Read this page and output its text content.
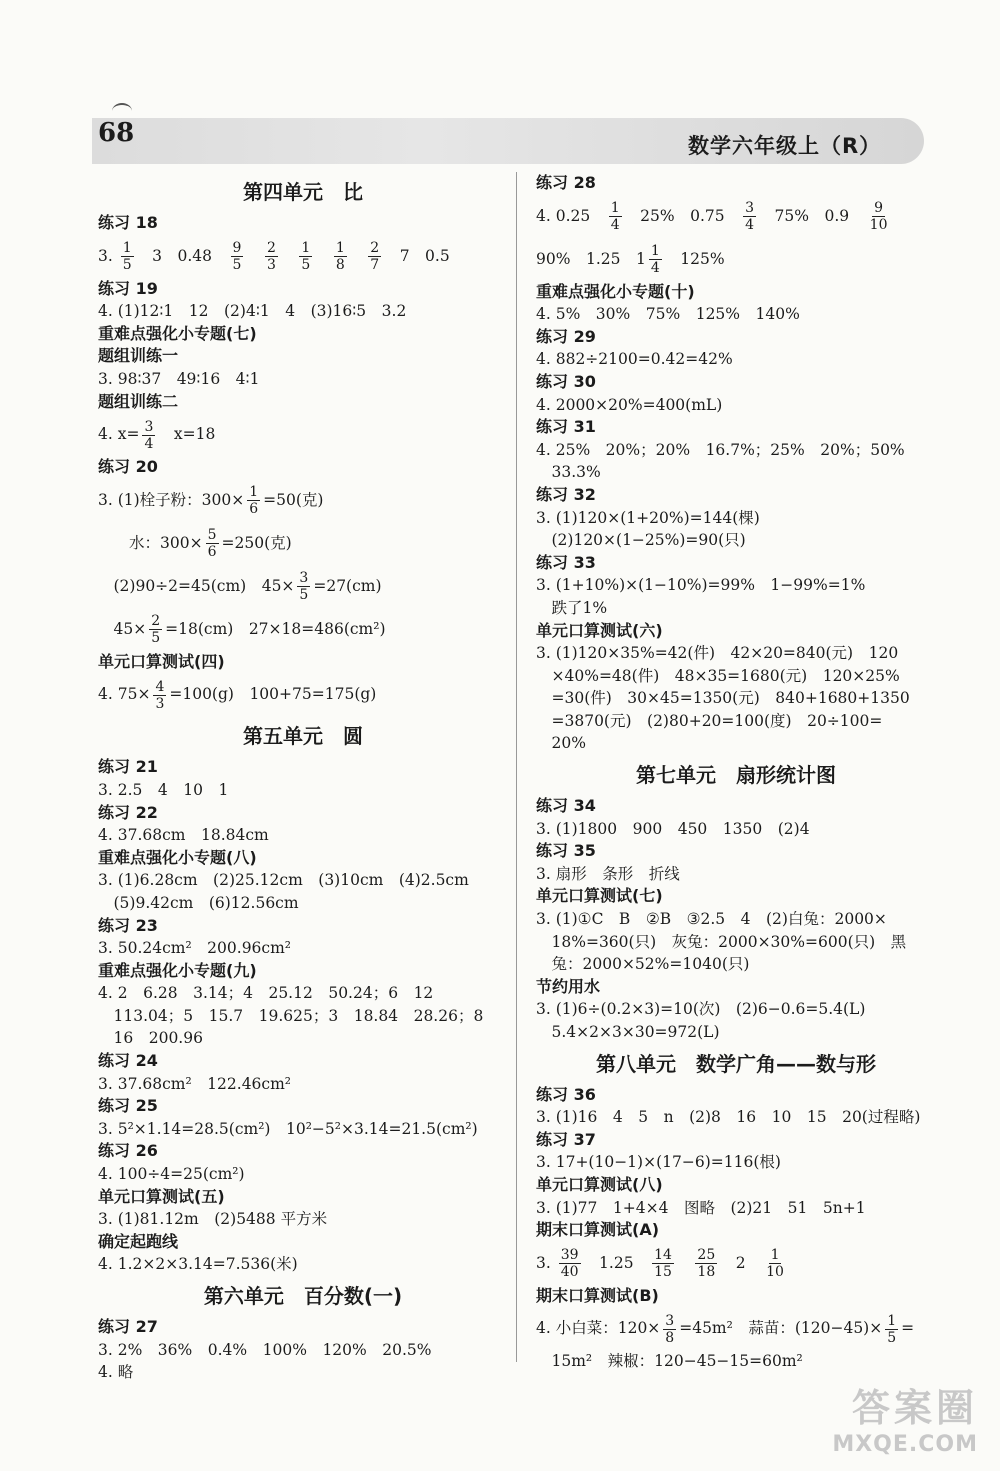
68	数学六年级上（R）
第四单元　比
练习 18
3. $\frac{1}{5}$ 　3　0.48　 $\frac{9}{5}$
　 $\frac{2}{3}$
　 $\frac{1}{5}$
　 $\frac{1}{8}$
　 $\frac{2}{7}$ 　7　0.5
练习 19
4. (1)12∶1　12　(2)4∶1　4　(3)16∶5　3.2
重难点强化小专题(七)
题组训练一
3. 98∶37　49∶16　4∶1
题组训练二
4. $x= \frac{3}{4}$ 　x=18
练习 20
3. (1)栓子粉：$300\times \frac{1}{6} =50$(克)
　　水：$300\times \frac{5}{6} =250$(克)
　(2)90÷2=45(cm)　$45\times \frac{3}{5} =27(cm)$
　$45\times \frac{2}{5} =18(cm)$　27×18=486(cm²)
单元口算测试(四)
4. $75\times \frac{4}{3} =100(g)$　100+75=175(g)
第五单元　圆
练习 21
3. 2.5　4　10　1
练习 22
4. 37.68cm　18.84cm
重难点强化小专题(八)
3. (1)6.28cm　(2)25.12cm　(3)10cm　(4)2.5cm
　(5)9.42cm　(6)12.56cm
练习 23
3. 50.24cm²　200.96cm²
重难点强化小专题(九)
4. 2　6.28　3.14；4　25.12　50.24；6　12
　113.04；5　15.7　19.625；3　18.84　28.26；8
　16　200.96
练习 24
3. 37.68cm²　122.46cm²
练习 25
3. 5²×1.14=28.5(cm²)　10²−5²×3.14=21.5(cm²)
练习 26
4. 100÷4=25(cm²)
单元口算测试(五)
3. (1)81.12m　(2)5488 平方米
确定起跑线
4. 1.2×2×3.14=7.536(米)
第六单元　百分数(一)
练习 27
3. 2%　36%　0.4%　100%　120%　20.5%
4. 略
练习 28
4. 0.25　 $\frac{1}{4}$ 　25%　0.75　 $\frac{3}{4}$ 　75%　0.9　 $\frac{9}{10}$
90%　1.25　$1 \frac{1}{4}$ 　125%
重难点强化小专题(十)
4. 5%　30%　75%　125%　140%
练习 29
4. 882÷2100=0.42=42%
练习 30
4. 2000×20%=400(mL)
练习 31
4. 25%　20%；20%　16.7%；25%　20%；50%
　33.3%
练习 32
3. (1)120×(1+20%)=144(棵)
　(2)120×(1−25%)=90(只)
练习 33
3. (1+10%)×(1−10%)=99%　1−99%=1%
　跌了1%
单元口算测试(六)
3. (1)120×35%=42(件)　42×20=840(元)　120
　×40%=48(件)　48×35=1680(元)　120×25%
　=30(件)　30×45=1350(元)　840+1680+1350
　=3870(元)　(2)80+20=100(度)　20÷100=
　20%
第七单元　扇形统计图
练习 34
3. (1)1800　900　450　1350　(2)4
练习 35
3. 扇形　条形　折线
单元口算测试(七)
3. (1)①C　B　②B　③2.5　4　(2)白兔：2000×
　18%=360(只)　灰兔：2000×30%=600(只)　黑
　兔：2000×52%=1040(只)
节约用水
3. (1)6÷(0.2×3)=10(次)　(2)6−0.6=5.4(L)
　5.4×2×3×30=972(L)
第八单元　数学广角——数与形
练习 36
3. (1)16　4　5　n　(2)8　16　10　15　20(过程略)
练习 37
3. 17+(10−1)×(17−6)=116(根)
单元口算测试(八)
3. (1)77　1+4×4　图略　(2)21　51　5n+1
期末口算测试(A)
3. $\frac{39}{40}$ 　1.25　 $\frac{14}{15}$
　 $\frac{25}{18}$ 　2　 $\frac{1}{10}$
期末口算测试(B)
4. 小白菜：$120\times \frac{3}{8} =45m^2$　蒜苗：$(120-45)\times \frac{1}{5}$ =
　15m²　辣椒：120−45−15=60m²
答案圈
MXQE.COM
